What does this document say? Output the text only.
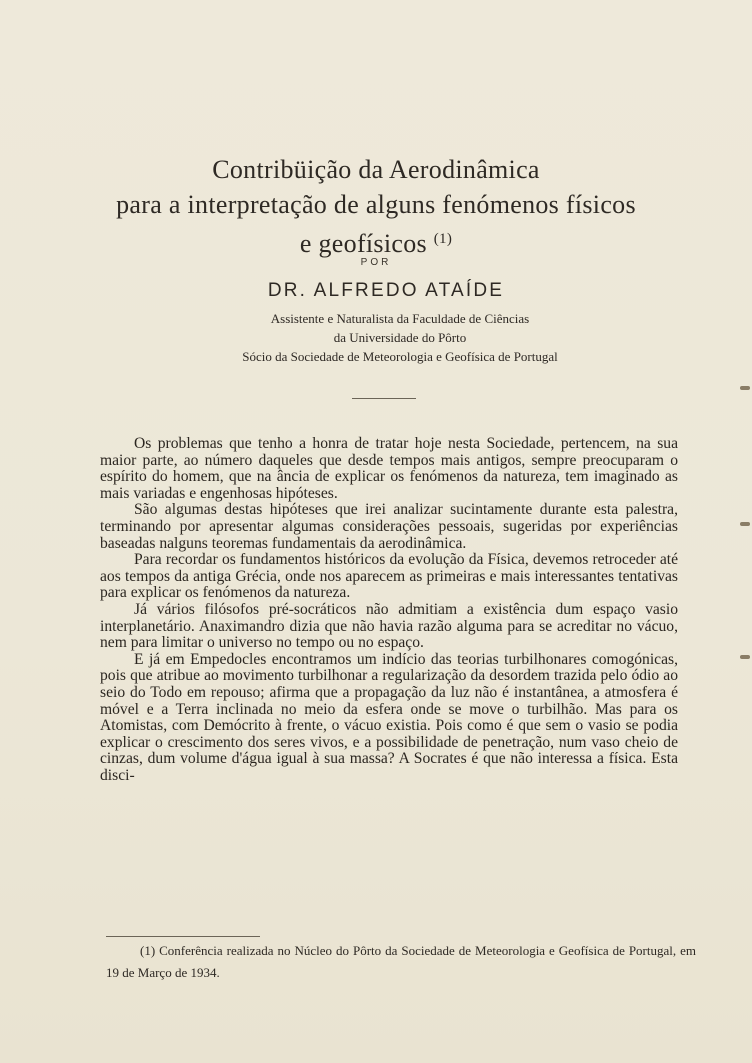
Contribüição da Aerodinâmica
para a interpretação de alguns fenómenos físicos
e geofísicos $^{(1)}$
POR
DR. ALFREDO ATAÍDE
Assistente e Naturalista da Faculdade de Ciências
da Universidade do Pôrto
Sócio da Sociedade de Meteorologia e Geofísica de Portugal

Os problemas que tenho a honra de tratar hoje nesta Sociedade, pertencem, na sua maior parte, ao número daqueles que desde tempos mais antigos, sempre preocuparam o espírito do homem, que na ância de explicar os fenómenos da natureza, tem imaginado as mais variadas e engenhosas hipóteses.

São algumas destas hipóteses que irei analizar sucintamente durante esta palestra, terminando por apresentar algumas considerações pessoais, sugeridas por experiências baseadas nalguns teoremas fundamentais da aerodinâmica.

Para recordar os fundamentos históricos da evolução da Física, devemos retroceder até aos tempos da antiga Grécia, onde nos aparecem as primeiras e mais interessantes tentativas para explicar os fenómenos da natureza.

Já vários filósofos pré-socráticos não admitiam a existência dum espaço vasio interplanetário. Anaximandro dizia que não havia razão alguma para se acreditar no vácuo, nem para limitar o universo no tempo ou no espaço.

E já em Empedocles encontramos um indício das teorias turbilhonares comogónicas, pois que atribue ao movimento turbilhonar a regularização da desordem trazida pelo ódio ao seio do Todo em repouso; afirma que a propagação da luz não é instantânea, a atmosfera é móvel e a Terra inclinada no meio da esfera onde se move o turbilhão. Mas para os Atomistas, com Demócrito à frente, o vácuo existia. Pois como é que sem o vasio se podia explicar o crescimento dos seres vivos, e a possibilidade de penetração, num vaso cheio de cinzas, dum volume d'água igual à sua massa? A Socrates é que não interessa a física. Esta disci-

(1) Conferência realizada no Núcleo do Pôrto da Sociedade de Meteorologia e Geofísica de Portugal, em 19 de Março de 1934.
